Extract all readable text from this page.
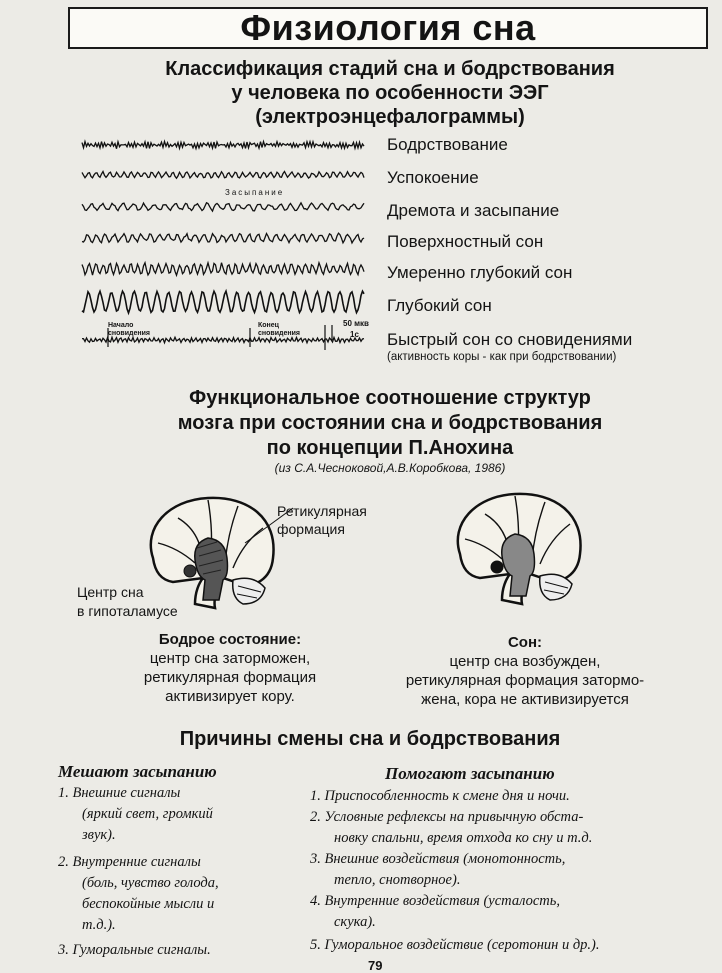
Физиология сна
Классификация стадий сна и бодрствования
у человека по особенности ЭЭГ
(электроэнцефалограммы)
Засыпание
Начало
сновидения
Конец
сновидения
50 мкв
1с
Бодрствование
Успокоение
Дремота и засыпание
Поверхностный сон
Умеренно глубокий сон
Глубокий сон
Быстрый сон со сновидениями
(активность коры - как при бодрствовании)
Функциональное соотношение структур
мозга при состоянии сна и бодрствования
по концепции П.Анохина
(из С.А.Чесноковой,А.В.Коробкова, 1986)
Ретикулярная
формация
Центр сна
в гипоталамусе
Бодрое состояние:
центр сна заторможен,
ретикулярная формация
активизирует кору.
Сон:
центр сна возбужден,
ретикулярная формация затормо-
жена, кора не активизируется
Причины смены сна и бодрствования
Мешают засыпанию	Помогают засыпанию
1. Внешние сигналы
(яркий свет, громкий
звук).
2. Внутренние сигналы
(боль, чувство голода,
беспокойные мысли и
т.д.).
3. Гуморальные сигналы.
1. Приспособленность к смене дня и ночи.
2. Условные рефлексы на привычную обста-
новку спальни, время отхода ко сну и т.д.
3. Внешние воздействия (монотонность,
тепло, снотворное).
4. Внутренние воздействия (усталость,
скука).
5. Гуморальное воздействие (серотонин и др.).
79
